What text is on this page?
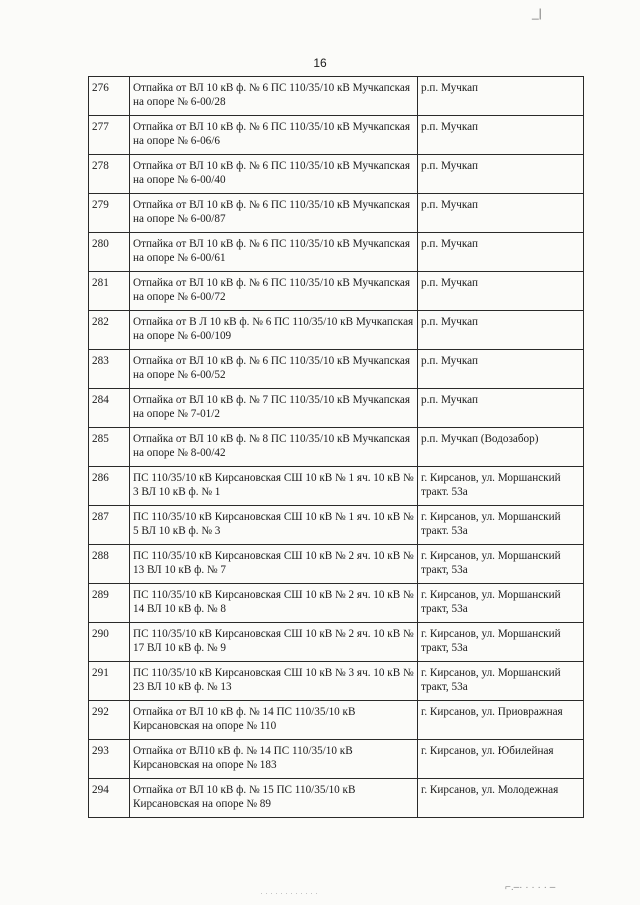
_|
16
276	Отпайка от ВЛ 10 кВ ф. № 6 ПС 110/35/10 кВ Мучкапская на опоре № 6-00/28	р.п. Мучкап
277	Отпайка от ВЛ 10 кВ ф. № 6 ПС 110/35/10 кВ Мучкапская на опоре № 6-06/6	р.п. Мучкап
278	Отпайка от ВЛ 10 кВ ф. № 6 ПС 110/35/10 кВ Мучкапская на опоре № 6-00/40	р.п. Мучкап
279	Отпайка от ВЛ 10 кВ ф. № 6 ПС 110/35/10 кВ Мучкапская на опоре № 6-00/87	р.п. Мучкап
280	Отпайка от ВЛ 10 кВ ф. № 6 ПС 110/35/10 кВ Мучкапская на опоре № 6-00/61	р.п. Мучкап
281	Отпайка от ВЛ 10 кВ ф. № 6 ПС 110/35/10 кВ Мучкапская на опоре № 6-00/72	р.п. Мучкап
282	Отпайка от В Л 10 кВ ф. № 6 ПС 110/35/10 кВ Мучкапская на опоре № 6-00/109	р.п. Мучкап
283	Отпайка от ВЛ 10 кВ ф. № 6 ПС 110/35/10 кВ Мучкапская на опоре № 6-00/52	р.п. Мучкап
284	Отпайка от ВЛ 10 кВ ф. № 7 ПС 110/35/10 кВ Мучкапская на опоре № 7-01/2	р.п. Мучкап
285	Отпайка от ВЛ 10 кВ ф. № 8 ПС 110/35/10 кВ Мучкапская на опоре № 8-00/42	р.п. Мучкап (Водозабор)
286	ПС 110/35/10 кВ Кирсановская СШ 10 кВ № 1 яч. 10 кВ № 3 ВЛ 10 кВ ф. № 1	г. Кирсанов, ул. Моршанский тракт. 53а
287	ПС 110/35/10 кВ Кирсановская СШ 10 кВ № 1 яч. 10 кВ № 5 ВЛ 10 кВ ф. № 3	г. Кирсанов, ул. Моршанский тракт. 53а
288	ПС 110/35/10 кВ Кирсановская СШ 10 кВ № 2 яч. 10 кВ № 13 ВЛ 10 кВ ф. № 7	г. Кирсанов, ул. Моршанский тракт, 53а
289	ПС 110/35/10 кВ Кирсановская СШ 10 кВ № 2 яч. 10 кВ № 14 ВЛ 10 кВ ф. № 8	г. Кирсанов, ул. Моршанский тракт, 53а
290	ПС 110/35/10 кВ Кирсановская СШ 10 кВ № 2 яч. 10 кВ № 17 ВЛ 10 кВ ф. № 9	г. Кирсанов, ул. Моршанский тракт, 53а
291	ПС 110/35/10 кВ Кирсановская СШ 10 кВ № 3 яч. 10 кВ № 23 ВЛ 10 кВ ф. № 13	г. Кирсанов, ул. Моршанский тракт, 53а
292	Отпайка от ВЛ 10 кВ ф. № 14 ПС 110/35/10 кВ Кирсановская на опоре № 110	г. Кирсанов, ул. Приовражная
293	Отпайка от ВЛ10 кВ ф. № 14 ПС 110/35/10 кВ Кирсановская на опоре № 183	г. Кирсанов, ул. Юбилейная
294	Отпайка от ВЛ 10 кВ ф. № 15 ПС 110/35/10 кВ Кирсановская на опоре № 89	г. Кирсанов, ул. Молодежная
⌐.–· · · · · –
············
